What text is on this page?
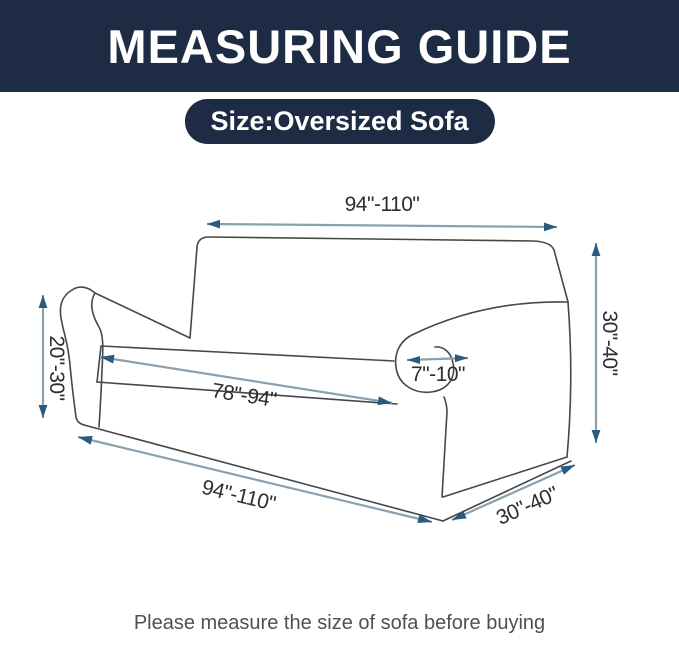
MEASURING GUIDE
Size:Oversized Sofa
94"-110"
20"-30"	30"-40"
78"-94"
7"-10"
94"-110"	30"-40"
Please measure the size of sofa before buying
